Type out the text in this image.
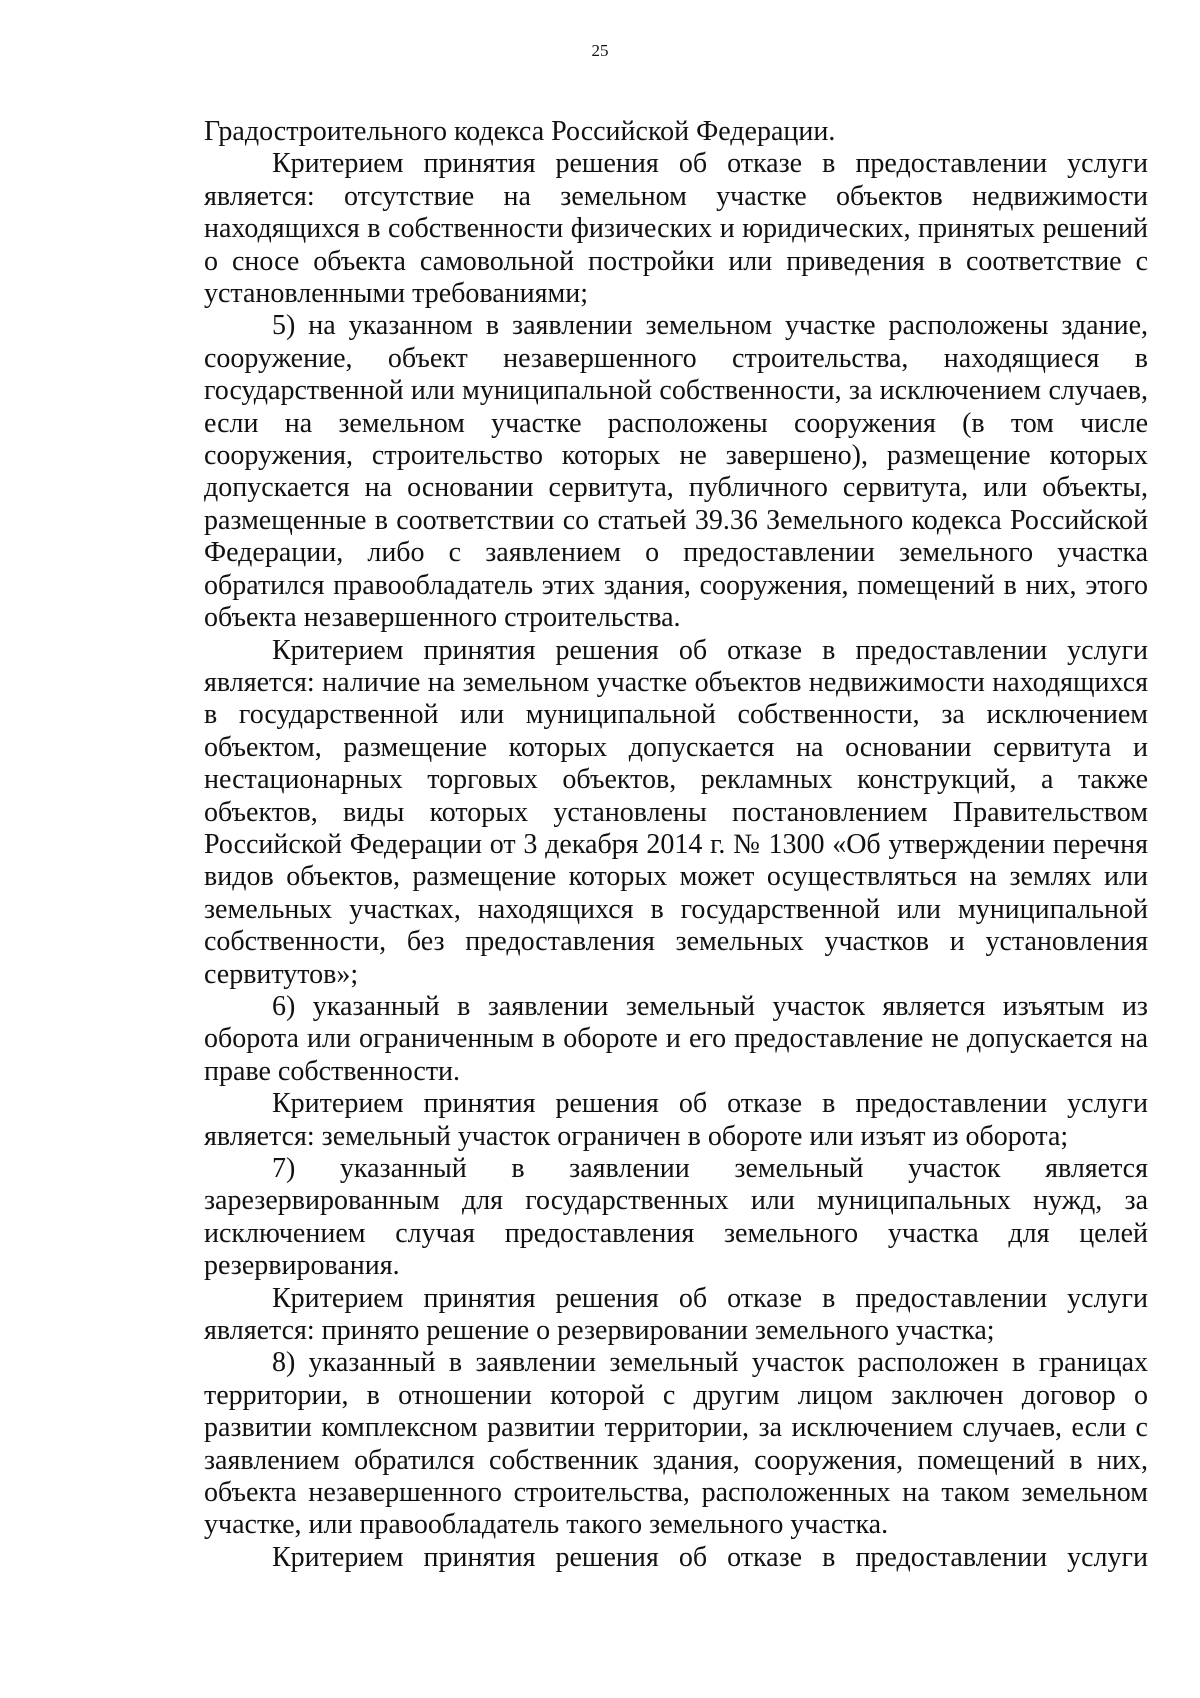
25

Градостроительного кодекса Российской Федерации.

Критерием принятия решения об отказе в предоставлении услуги является: отсутствие на земельном участке объектов недвижимости находящихся в собственности физических и юридических, принятых решений о сносе объекта самовольной постройки или приведения в соответствие с установленными требованиями;

5) на указанном в заявлении земельном участке расположены здание, сооружение, объект незавершенного строительства, находящиеся в государственной или муниципальной собственности, за исключением случаев, если на земельном участке расположены сооружения (в том числе сооружения, строительство которых не завершено), размещение которых допускается на основании сервитута, публичного сервитута, или объекты, размещенные в соответствии со статьей 39.36 Земельного кодекса Российской Федерации, либо с заявлением о предоставлении земельного участка обратился правообладатель этих здания, сооружения, помещений в них, этого объекта незавершенного строительства.

Критерием принятия решения об отказе в предоставлении услуги является: наличие на земельном участке объектов недвижимости находящихся в государственной или муниципальной собственности, за исключением объектом, размещение которых допускается на основании сервитута и нестационарных торговых объектов, рекламных конструкций, а также объектов, виды которых установлены постановлением Правительством Российской Федерации от 3 декабря 2014 г. № 1300 «Об утверждении перечня видов объектов, размещение которых может осуществляться на землях или земельных участках, находящихся в государственной или муниципальной собственности, без предоставления земельных участков и установления сервитутов»;

6) указанный в заявлении земельный участок является изъятым из оборота или ограниченным в обороте и его предоставление не допускается на праве собственности.

Критерием принятия решения об отказе в предоставлении услуги является: земельный участок ограничен в обороте или изъят из оборота;

7) указанный в заявлении земельный участок является зарезервированным для государственных или муниципальных нужд, за исключением случая предоставления земельного участка для целей резервирования.

Критерием принятия решения об отказе в предоставлении услуги является: принято решение о резервировании земельного участка;

8) указанный в заявлении земельный участок расположен в границах территории, в отношении которой с другим лицом заключен договор о развитии комплексном развитии территории, за исключением случаев, если с заявлением обратился собственник здания, сооружения, помещений в них, объекта незавершенного строительства, расположенных на таком земельном участке, или правообладатель такого земельного участка.

Критерием принятия решения об отказе в предоставлении услуги
